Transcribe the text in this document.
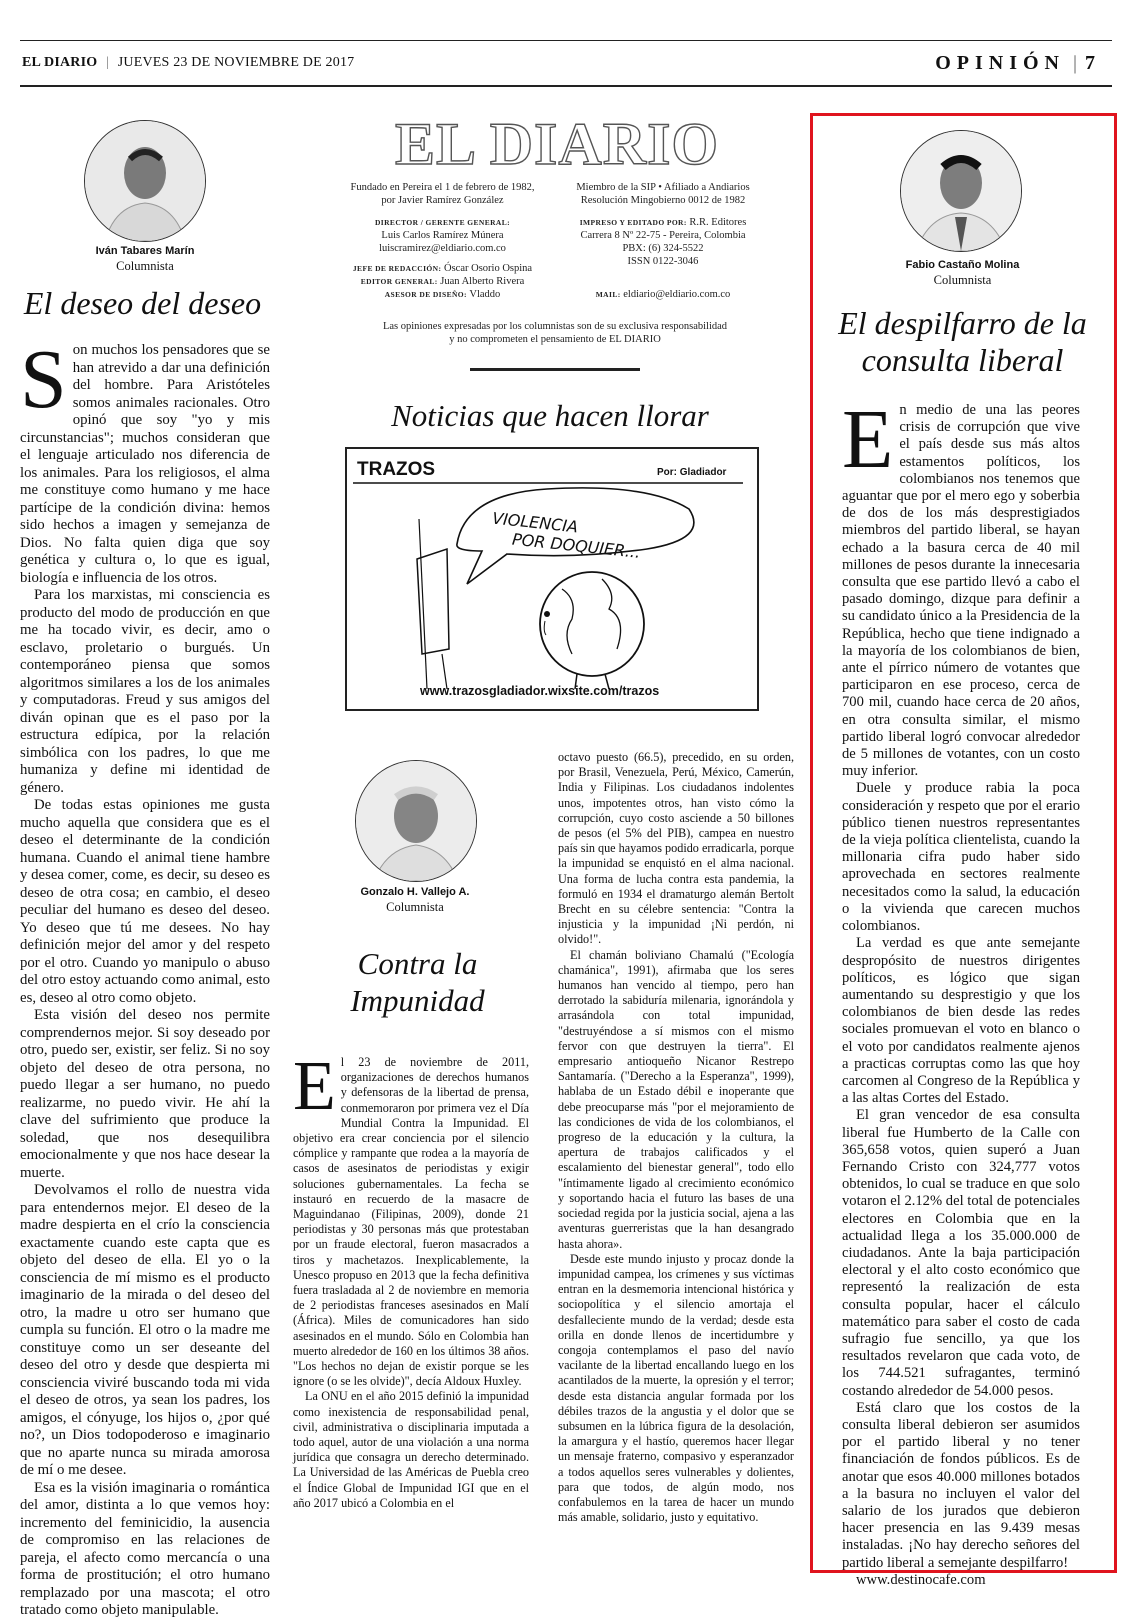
EL DIARIO | JUEVES 23 DE NOVIEMBRE DE 2017	OPINIÓN | 7
Iván Tabares Marín
Columnista
El deseo del deseo

Son muchos los pensadores que se han atrevido a dar una definición del hombre. Para Aristóteles somos animales racionales. Otro opinó que soy "yo y mis circunstancias"; muchos consideran que el lenguaje articulado nos diferencia de los animales. Para los religiosos, el alma me constituye como humano y me hace partícipe de la condición divina: hemos sido hechos a imagen y semejanza de Dios. No falta quien diga que soy genética y cultura o, lo que es igual, biología e influencia de los otros.

Para los marxistas, mi consciencia es producto del modo de producción en que me ha tocado vivir, es decir, amo o esclavo, proletario o burgués. Un contemporáneo piensa que somos algoritmos similares a los de los animales y computadoras. Freud y sus amigos del diván opinan que es el paso por la estructura edípica, por la relación simbólica con los padres, lo que me humaniza y define mi identidad de género.

De todas estas opiniones me gusta mucho aquella que considera que es el deseo el determinante de la condición humana. Cuando el animal tiene hambre y desea comer, come, es decir, su deseo es deseo de otra cosa; en cambio, el deseo peculiar del humano es deseo del deseo. Yo deseo que tú me desees. No hay definición mejor del amor y del respeto por el otro. Cuando yo manipulo o abuso del otro estoy actuando como animal, esto es, deseo al otro como objeto.

Esta visión del deseo nos permite comprendernos mejor. Si soy deseado por otro, puedo ser, existir, ser feliz. Si no soy objeto del deseo de otra persona, no puedo llegar a ser humano, no puedo realizarme, no puedo vivir. He ahí la clave del sufrimiento que produce la soledad, que nos desequilibra emocionalmente y que nos hace desear la muerte.

Devolvamos el rollo de nuestra vida para entendernos mejor. El deseo de la madre despierta en el crío la consciencia exactamente cuando este capta que es objeto del deseo de ella. El yo o la consciencia de mí mismo es el producto imaginario de la mirada o del deseo del otro, la madre u otro ser humano que cumpla su función. El otro o la madre me constituye como un ser deseante del deseo del otro y desde que despierta mi consciencia viviré buscando toda mi vida el deseo de otros, ya sean los padres, los amigos, el cónyuge, los hijos o, ¿por qué no?, un Dios todopoderoso e imaginario que no aparte nunca su mirada amorosa de mí o me desee.

Esa es la visión imaginaria o romántica del amor, distinta a lo que vemos hoy: incremento del feminicidio, la ausencia de compromiso en las relaciones de pareja, el afecto como mercancía o una forma de prostitución; el otro humano remplazado por una mascota; el otro tratado como objeto manipulable.

EL DIARIO
Fundado en Pereira el 1 de febrero de 1982,
por Javier Ramírez González
DIRECTOR / GERENTE GENERAL:
Luis Carlos Ramírez Múnera
luiscramirez@eldiario.com.co
JEFE DE REDACCIÓN: Óscar Osorio Ospina
EDITOR GENERAL: Juan Alberto Rivera
ASESOR DE DISEÑO: Vladdo
Miembro de la SIP • Afiliado a Andiarios
Resolución Mingobierno 0012 de 1982
IMPRESO Y EDITADO POR: R.R. Editores
Carrera 8 Nº 22-75 - Pereira, Colombia
PBX: (6) 324-5522
ISSN 0122-3046
MAIL: eldiario@eldiario.com.co
Las opiniones expresadas por los columnistas son de su exclusiva responsabilidad
y no comprometen el pensamiento de EL DIARIO
Noticias que hacen llorar
TRAZOS	Por: Gladiador
VIOLENCIA
POR DOQUIER...
www.trazosgladiador.wixsite.com/trazos
Gonzalo H. Vallejo A.
Columnista
Contra la
Impunidad

El 23 de noviembre de 2011, organizaciones de derechos humanos y defensoras de la libertad de prensa, conmemoraron por primera vez el Día Mundial Contra la Impunidad. El objetivo era crear conciencia por el silencio cómplice y rampante que rodea a la mayoría de casos de asesinatos de periodistas y exigir soluciones gubernamentales. La fecha se instauró en recuerdo de la masacre de Maguindanao (Filipinas, 2009), donde 21 periodistas y 30 personas más que protestaban por un fraude electoral, fueron masacrados a tiros y machetazos. Inexplicablemente, la Unesco propuso en 2013 que la fecha definitiva fuera trasladada al 2 de noviembre en memoria de 2 periodistas franceses asesinados en Malí (África). Miles de comunicadores han sido asesinados en el mundo. Sólo en Colombia han muerto alrededor de 160 en los últimos 38 años. "Los hechos no dejan de existir porque se les ignore (o se les olvide)", decía Aldoux Huxley.

La ONU en el año 2015 definió la impunidad como inexistencia de responsabilidad penal, civil, administrativa o disciplinaria imputada a todo aquel, autor de una violación a una norma jurídica que consagra un derecho determinado. La Universidad de las Américas de Puebla creo el Índice Global de Impunidad IGI que en el año 2017 ubicó a Colombia en el

octavo puesto (66.5), precedido, en su orden, por Brasil, Venezuela, Perú, México, Camerún, India y Filipinas. Los ciudadanos indolentes unos, impotentes otros, han visto cómo la corrupción, cuyo costo asciende a 50 billones de pesos (el 5% del PIB), campea en nuestro país sin que hayamos podido erradicarla, porque la impunidad se enquistó en el alma nacional. Una forma de lucha contra esta pandemia, la formuló en 1934 el dramaturgo alemán Bertolt Brecht en su célebre sentencia: "Contra la injusticia y la impunidad ¡Ni perdón, ni olvido!".

El chamán boliviano Chamalú ("Ecología chamánica", 1991), afirmaba que los seres humanos han vencido al tiempo, pero han derrotado la sabiduría milenaria, ignorándola y arrasándola con total impunidad, "destruyéndose a sí mismos con el mismo fervor con que destruyen la tierra". El empresario antioqueño Nicanor Restrepo Santamaría. ("Derecho a la Esperanza", 1999), hablaba de un Estado débil e inoperante que debe preocuparse más "por el mejoramiento de las condiciones de vida de los colombianos, el progreso de la educación y la cultura, la apertura de trabajos calificados y el escalamiento del bienestar general", todo ello "íntimamente ligado al crecimiento económico y soportando hacia el futuro las bases de una sociedad regida por la justicia social, ajena a las aventuras guerreristas que la han desangrado hasta ahora».

Desde este mundo injusto y procaz donde la impunidad campea, los crímenes y sus víctimas entran en la desmemoria intencional histórica y sociopolítica y el silencio amortaja el desfalleciente mundo de la verdad; desde esta orilla en donde llenos de incertidumbre y congoja contemplamos el paso del navío vacilante de la libertad encallando luego en los acantilados de la muerte, la opresión y el terror; desde esta distancia angular formada por los débiles trazos de la angustia y el dolor que se subsumen en la lúbrica figura de la desolación, la amargura y el hastío, queremos hacer llegar un mensaje fraterno, compasivo y esperanzador a todos aquellos seres vulnerables y dolientes, para que todos, de algún modo, nos confabulemos en la tarea de hacer un mundo más amable, solidario, justo y equitativo.

Fabio Castaño Molina
Columnista
El despilfarro de la
consulta liberal

En medio de una las peores crisis de corrupción que vive el país desde sus más altos estamentos políticos, los colombianos nos tenemos que aguantar que por el mero ego y soberbia de dos de los más desprestigiados miembros del partido liberal, se hayan echado a la basura cerca de 40 mil millones de pesos durante la innecesaria consulta que ese partido llevó a cabo el pasado domingo, dizque para definir a su candidato único a la Presidencia de la República, hecho que tiene indignado a la mayoría de los colombianos de bien, ante el pírrico número de votantes que participaron en ese proceso, cerca de 700 mil, cuando hace cerca de 20 años, en otra consulta similar, el mismo partido liberal logró convocar alrededor de 5 millones de votantes, con un costo muy inferior.

Duele y produce rabia la poca consideración y respeto que por el erario público tienen nuestros representantes de la vieja política clientelista, cuando la millonaria cifra pudo haber sido aprovechada en sectores realmente necesitados como la salud, la educación o la vivienda que carecen muchos colombianos.

La verdad es que ante semejante despropósito de nuestros dirigentes políticos, es lógico que sigan aumentando su desprestigio y que los colombianos de bien desde las redes sociales promuevan el voto en blanco o el voto por candidatos realmente ajenos a practicas corruptas como las que hoy carcomen al Congreso de la República y a las altas Cortes del Estado.

El gran vencedor de esa consulta liberal fue Humberto de la Calle con 365,658 votos, quien superó a Juan Fernando Cristo con 324,777 votos obtenidos, lo cual se traduce en que solo votaron el 2.12% del total de potenciales electores en Colombia que en la actualidad llega a los 35.000.000 de ciudadanos. Ante la baja participación electoral y el alto costo económico que representó la realización de esta consulta popular, hacer el cálculo matemático para saber el costo de cada sufragio fue sencillo, ya que los resultados revelaron que cada voto, de los 744.521 sufragantes, terminó costando alrededor de 54.000 pesos.

Está claro que los costos de la consulta liberal debieron ser asumidos por el partido liberal y no tener financiación de fondos públicos. Es de anotar que esos 40.000 millones botados a la basura no incluyen el valor del salario de los jurados que debieron hacer presencia en las 9.439 mesas instaladas. ¡No hay derecho señores del partido liberal a semejante despilfarro!

www.destinocafe.com
